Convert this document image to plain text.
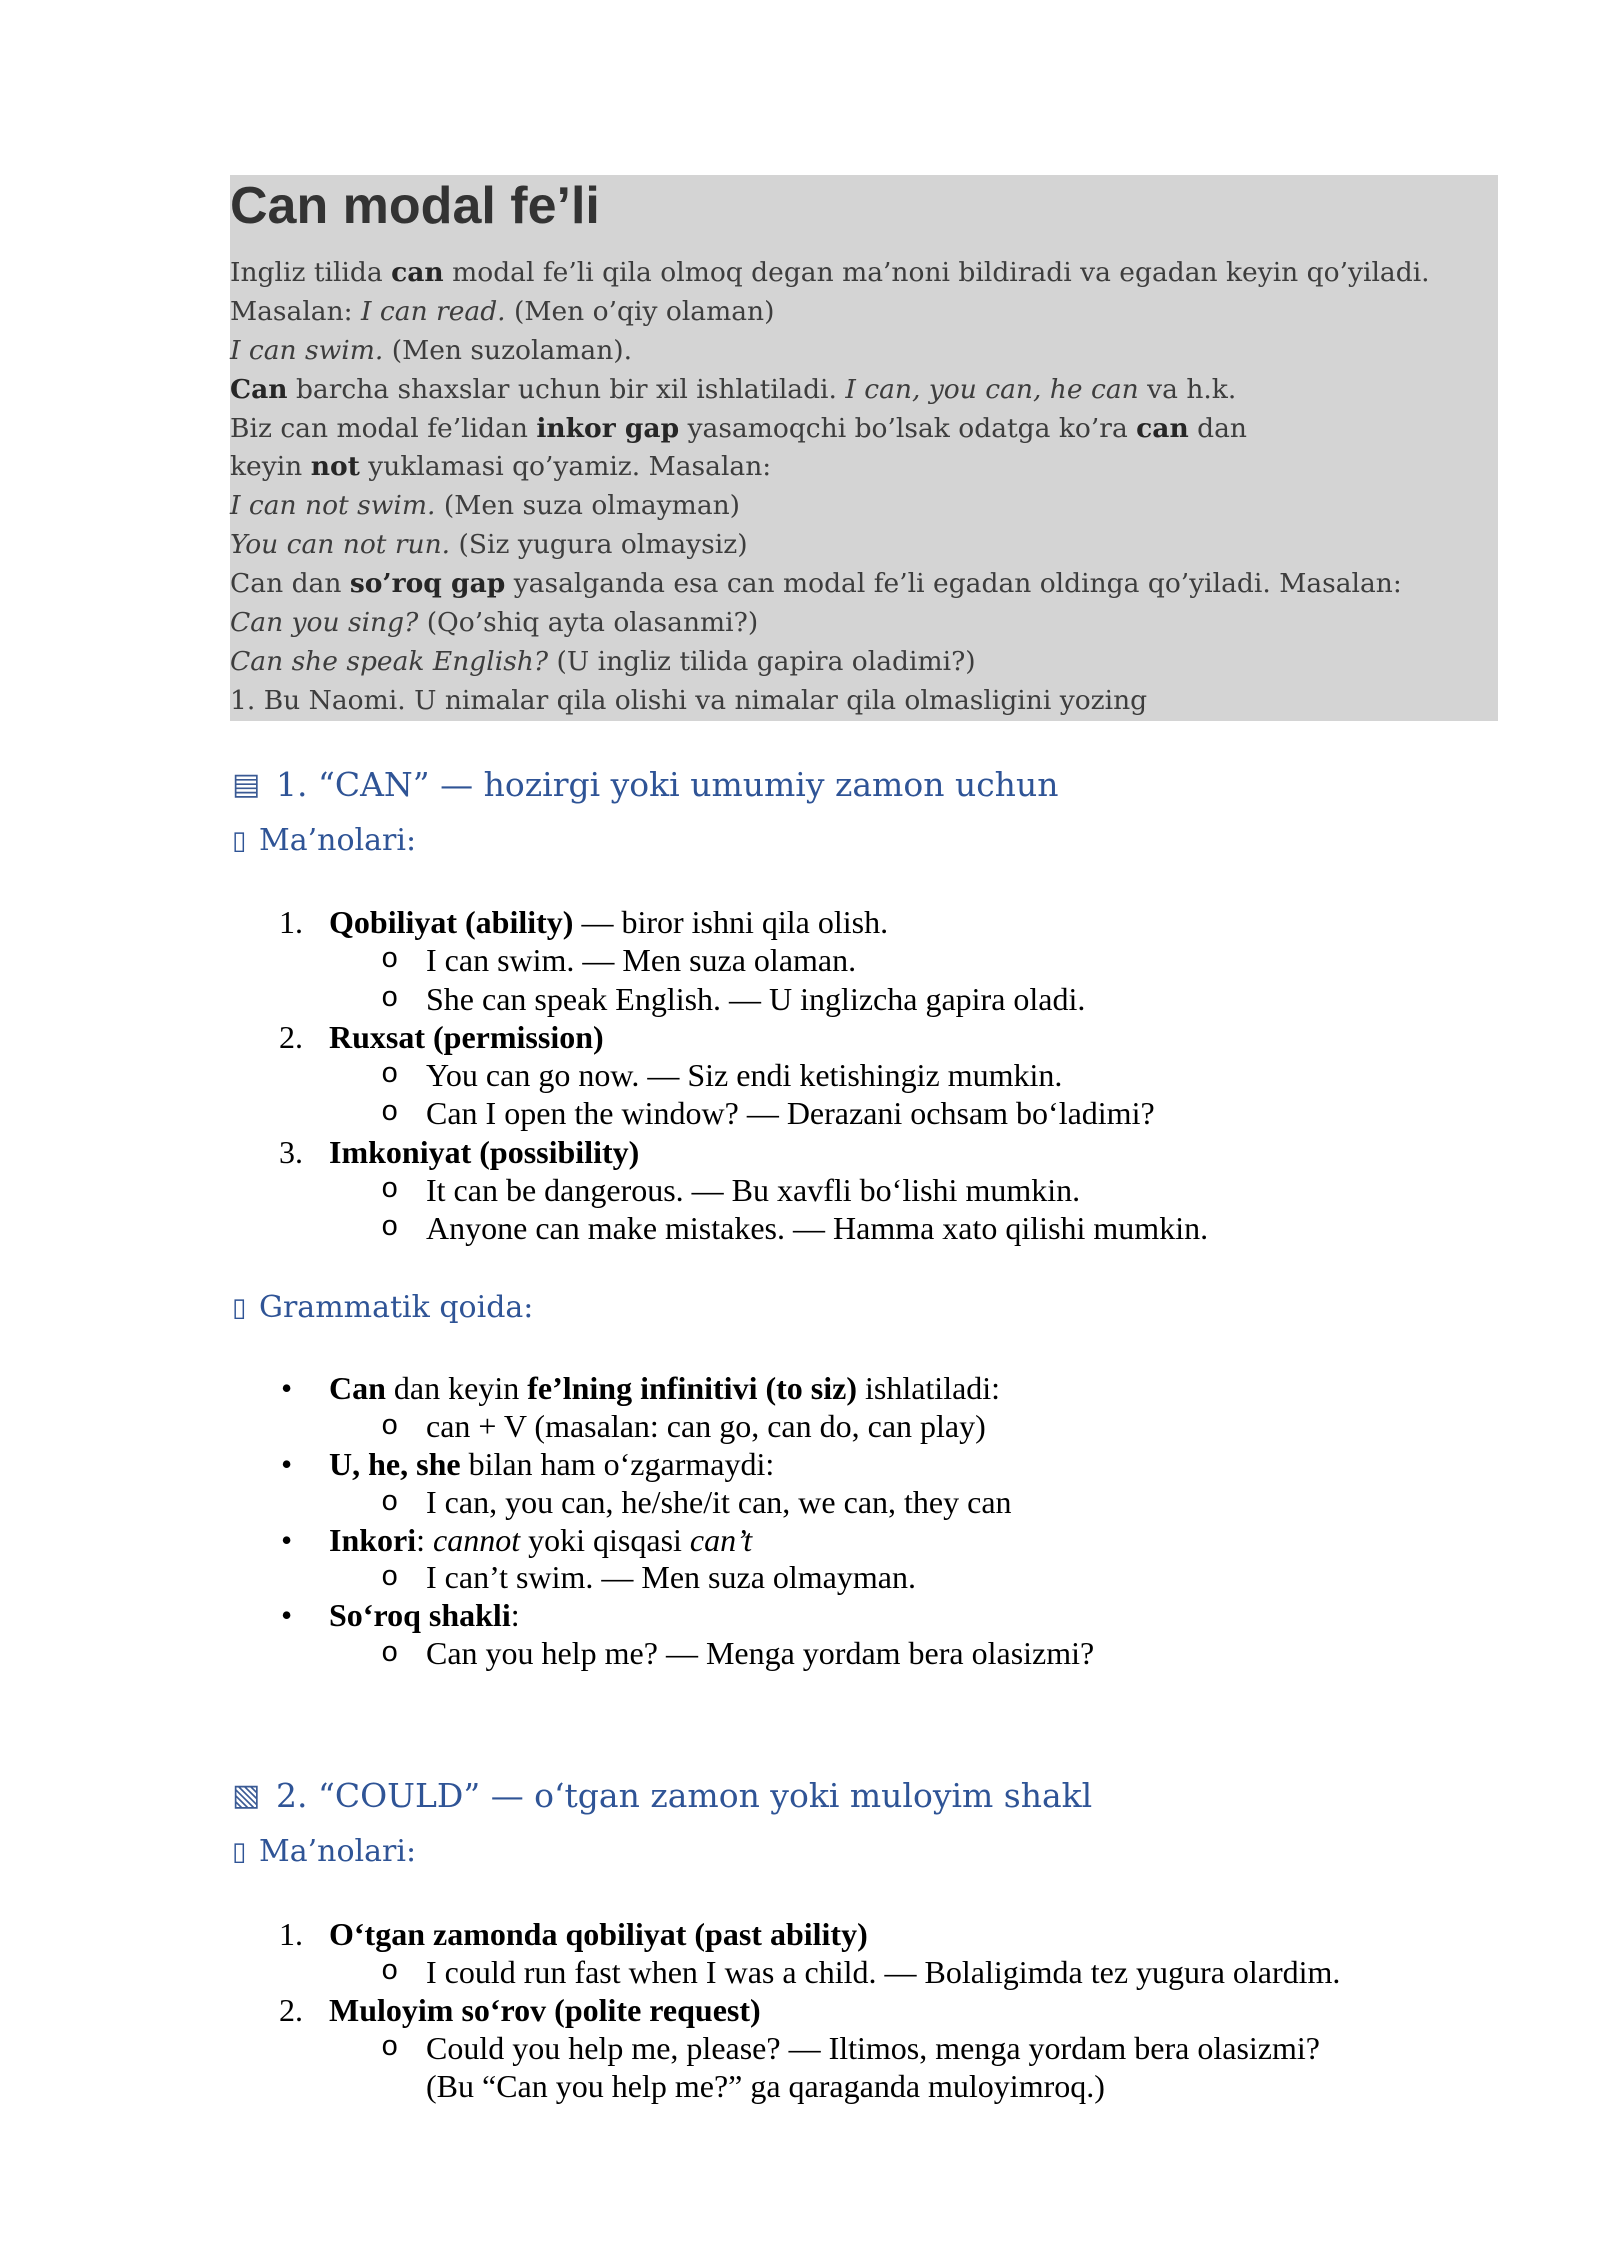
Can modal fe’li
Ingliz tilida can modal fe’li qila olmoq degan ma’noni bildiradi va egadan keyin qo’yiladi.
Masalan: I can read. (Men o’qiy olaman)
I can swim. (Men suzolaman).
Can barcha shaxslar uchun bir xil ishlatiladi. I can, you can, he can va h.k.
Biz can modal fe’lidan inkor gap yasamoqchi bo’lsak odatga ko’ra can dan
keyin not yuklamasi qo’yamiz. Masalan:
I can not swim. (Men suza olmayman)
You can not run. (Siz yugura olmaysiz)
Can dan so’roq gap yasalganda esa can modal fe’li egadan oldinga qo’yiladi. Masalan:
Can you sing? (Qo’shiq ayta olasanmi?)
Can she speak English? (U ingliz tilida gapira oladimi?)
1. Bu Naomi. U nimalar qila olishi va nimalar qila olmasligini yozing
▤ 1. “CAN” — hozirgi yoki umumiy zamon uchun
▯ Ma’nolari:
1. Qobiliyat (ability) — biror ishni qila olish.
o I can swim. — Men suza olaman.
o She can speak English. — U inglizcha gapira oladi.
2. Ruxsat (permission)
o You can go now. — Siz endi ketishingiz mumkin.
o Can I open the window? — Derazani ochsam bo‘ladimi?
3. Imkoniyat (possibility)
o It can be dangerous. — Bu xavfli bo‘lishi mumkin.
o Anyone can make mistakes. — Hamma xato qilishi mumkin.
▯ Grammatik qoida:
• Can dan keyin fe’lning infinitivi (to siz) ishlatiladi:
o can + V (masalan: can go, can do, can play)
• U, he, she bilan ham o‘zgarmaydi:
o I can, you can, he/she/it can, we can, they can
• Inkori: cannot yoki qisqasi can’t
o I can’t swim. — Men suza olmayman.
• So‘roq shakli:
o Can you help me? — Menga yordam bera olasizmi?
▧ 2. “COULD” — o‘tgan zamon yoki muloyim shakl
▯ Ma’nolari:
1. O‘tgan zamonda qobiliyat (past ability)
o I could run fast when I was a child. — Bolaligimda tez yugura olardim.
2. Muloyim so‘rov (polite request)
o Could you help me, please? — Iltimos, menga yordam bera olasizmi?
(Bu “Can you help me?” ga qaraganda muloyimroq.)
